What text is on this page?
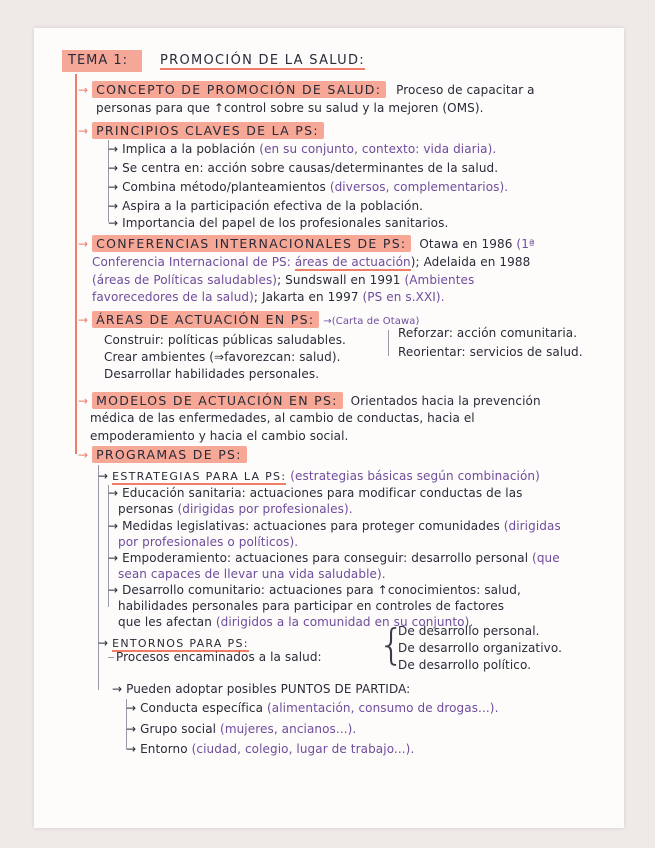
TEMA 1:	PROMOCIÓN DE LA SALUD:
→ CONCEPTO DE PROMOCIÓN DE SALUD: Proceso de capacitar a
personas para que ↑control sobre su salud y la mejoren (OMS).
→ PRINCIPIOS CLAVES DE LA PS:
→ Implica a la población (en su conjunto, contexto: vida diaria).
→ Se centra en: acción sobre causas/determinantes de la salud.
→ Combina método/planteamientos (diversos, complementarios).
→ Aspira a la participación efectiva de la población.
→ Importancia del papel de los profesionales sanitarios.
→ CONFERENCIAS INTERNACIONALES DE PS: Otawa en 1986 (1ª
Conferencia Internacional de PS: áreas de actuación); Adelaida en 1988
(áreas de Políticas saludables); Sundswall en 1991 (Ambientes
favorecedores de la salud); Jakarta en 1997 (PS en s.XXI).
→ ÁREAS DE ACTUACIÓN EN PS: →(Carta de Otawa)
Construir: políticas públicas saludables.
Crear ambientes (⇒favorezcan: salud).
Desarrollar habilidades personales.
Reforzar: acción comunitaria.
Reorientar: servicios de salud.
→ MODELOS DE ACTUACIÓN EN PS: Orientados hacia la prevención
médica de las enfermedades, al cambio de conductas, hacia el
empoderamiento y hacia el cambio social.
→ PROGRAMAS DE PS:
→ ESTRATEGIAS PARA LA PS: (estrategias básicas según combinación)
→ Educación sanitaria: actuaciones para modificar conductas de las
personas (dirigidas por profesionales).
→ Medidas legislativas: actuaciones para proteger comunidades (dirigidas
por profesionales o políticos).
→ Empoderamiento: actuaciones para conseguir: desarrollo personal (que
sean capaces de llevar una vida saludable).
→ Desarrollo comunitario: actuaciones para ↑conocimientos: salud,
habilidades personales para participar en controles de factores
que les afectan (dirigidos a la comunidad en su conjunto).
→ ENTORNOS PARA PS:
Procesos encaminados a la salud: {
De desarrollo personal.
De desarrollo organizativo.
De desarrollo político.
→ Pueden adoptar posibles PUNTOS DE PARTIDA:
→ Conducta específica (alimentación, consumo de drogas...).
→ Grupo social (mujeres, ancianos...).
→ Entorno (ciudad, colegio, lugar de trabajo...).
